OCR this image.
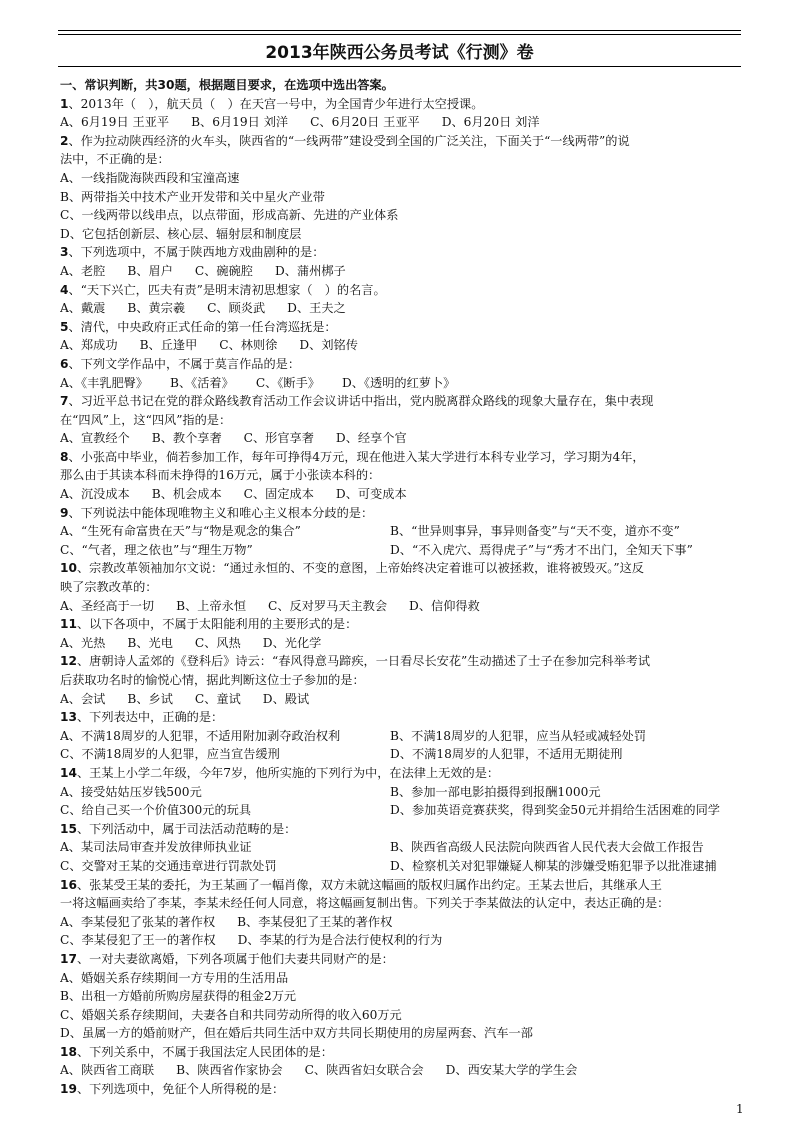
2013年陕西公务员考试《行测》卷
一、常识判断，共30题，根据题目要求，在选项中选出答案。
1、2013年（　），航天员（　）在天宫一号中，为全国青少年进行太空授课。
A、6月19日 王亚平 B、6月19日 刘洋 C、6月20日 王亚平 D、6月20日 刘洋
2、作为拉动陕西经济的火车头，陕西省的“一线两带”建设受到全国的广泛关注，下面关于“一线两带”的说
法中，不正确的是：
A、一线指陇海陕西段和宝潼高速
B、两带指关中技术产业开发带和关中星火产业带
C、一线两带以线串点，以点带面，形成高新、先进的产业体系
D、它包括创新层、核心层、辐射层和制度层
3、下列选项中，不属于陕西地方戏曲剧种的是：
A、老腔 B、眉户 C、碗碗腔 D、蒲州梆子
4、“天下兴亡，匹夫有责”是明末清初思想家（　）的名言。
A、戴震 B、黄宗羲 C、顾炎武 D、王夫之
5、清代，中央政府正式任命的第一任台湾巡抚是：
A、郑成功 B、丘逢甲 C、林则徐 D、刘铭传
6、下列文学作品中，不属于莫言作品的是：
A、《丰乳肥臀》 B、《活着》 C、《断手》 D、《透明的红萝卜》
7、习近平总书记在党的群众路线教育活动工作会议讲话中指出，党内脱离群众路线的现象大量存在，集中表现
在“四风”上，这“四风”指的是：
A、宣教经个 B、教个享奢 C、形官享奢 D、经享个官
8、小张高中毕业，倘若参加工作，每年可挣得4万元，现在他进入某大学进行本科专业学习，学习期为4年，
那么由于其读本科而未挣得的16万元，属于小张读本科的：
A、沉没成本 B、机会成本 C、固定成本 D、可变成本
9、下列说法中能体现唯物主义和唯心主义根本分歧的是：
A、“生死有命富贵在天”与“物是观念的集合”	B、“世异则事异，事异则备变”与“天不变，道亦不变”
C、“气者，理之依也”与“理生万物”	D、“不入虎穴、焉得虎子”与“秀才不出门，全知天下事”
10、宗教改革领袖加尔文说：“通过永恒的、不变的意图，上帝始终决定着谁可以被拯救，谁将被毁灭。”这反
映了宗教改革的：
A、圣经高于一切 B、上帝永恒 C、反对罗马天主教会 D、信仰得救
11、以下各项中，不属于太阳能利用的主要形式的是：
A、光热 B、光电 C、风热 D、光化学
12、唐朝诗人孟郊的《登科后》诗云：“春风得意马蹄疾，一日看尽长安花”生动描述了士子在参加完科举考试
后获取功名时的愉悦心情，据此判断这位士子参加的是：
A、会试 B、乡试 C、童试 D、殿试
13、下列表达中，正确的是：
A、不满18周岁的人犯罪，不适用附加剥夺政治权利	B、不满18周岁的人犯罪，应当从轻或减轻处罚
C、不满18周岁的人犯罪，应当宣告缓刑	D、不满18周岁的人犯罪，不适用无期徒刑
14、王某上小学二年级，今年7岁，他所实施的下列行为中，在法律上无效的是：
A、接受姑姑压岁钱500元	B、参加一部电影拍摄得到报酬1000元
C、给自己买一个价值300元的玩具	D、参加英语竞赛获奖，得到奖金50元并捐给生活困难的同学
15、下列活动中，属于司法活动范畴的是：
A、某司法局审查并发放律师执业证	B、陕西省高级人民法院向陕西省人民代表大会做工作报告
C、交警对王某的交通违章进行罚款处罚	D、检察机关对犯罪嫌疑人柳某的涉嫌受贿犯罪予以批准逮捕
16、张某受王某的委托，为王某画了一幅肖像，双方未就这幅画的版权归属作出约定。王某去世后，其继承人王
一将这幅画卖给了李某，李某未经任何人同意，将这幅画复制出售。下列关于李某做法的认定中，表达正确的是：
A、李某侵犯了张某的著作权 B、李某侵犯了王某的著作权
C、李某侵犯了王一的著作权 D、李某的行为是合法行使权利的行为
17、一对夫妻欲离婚，下列各项属于他们夫妻共同财产的是：
A、婚姻关系存续期间一方专用的生活用品
B、出租一方婚前所购房屋获得的租金2万元
C、婚姻关系存续期间，夫妻各自和共同劳动所得的收入60万元
D、虽属一方的婚前财产，但在婚后共同生活中双方共同长期使用的房屋两套、汽车一部
18、下列关系中，不属于我国法定人民团体的是：
A、陕西省工商联 B、陕西省作家协会 C、陕西省妇女联合会 D、西安某大学的学生会
19、下列选项中，免征个人所得税的是：
1
